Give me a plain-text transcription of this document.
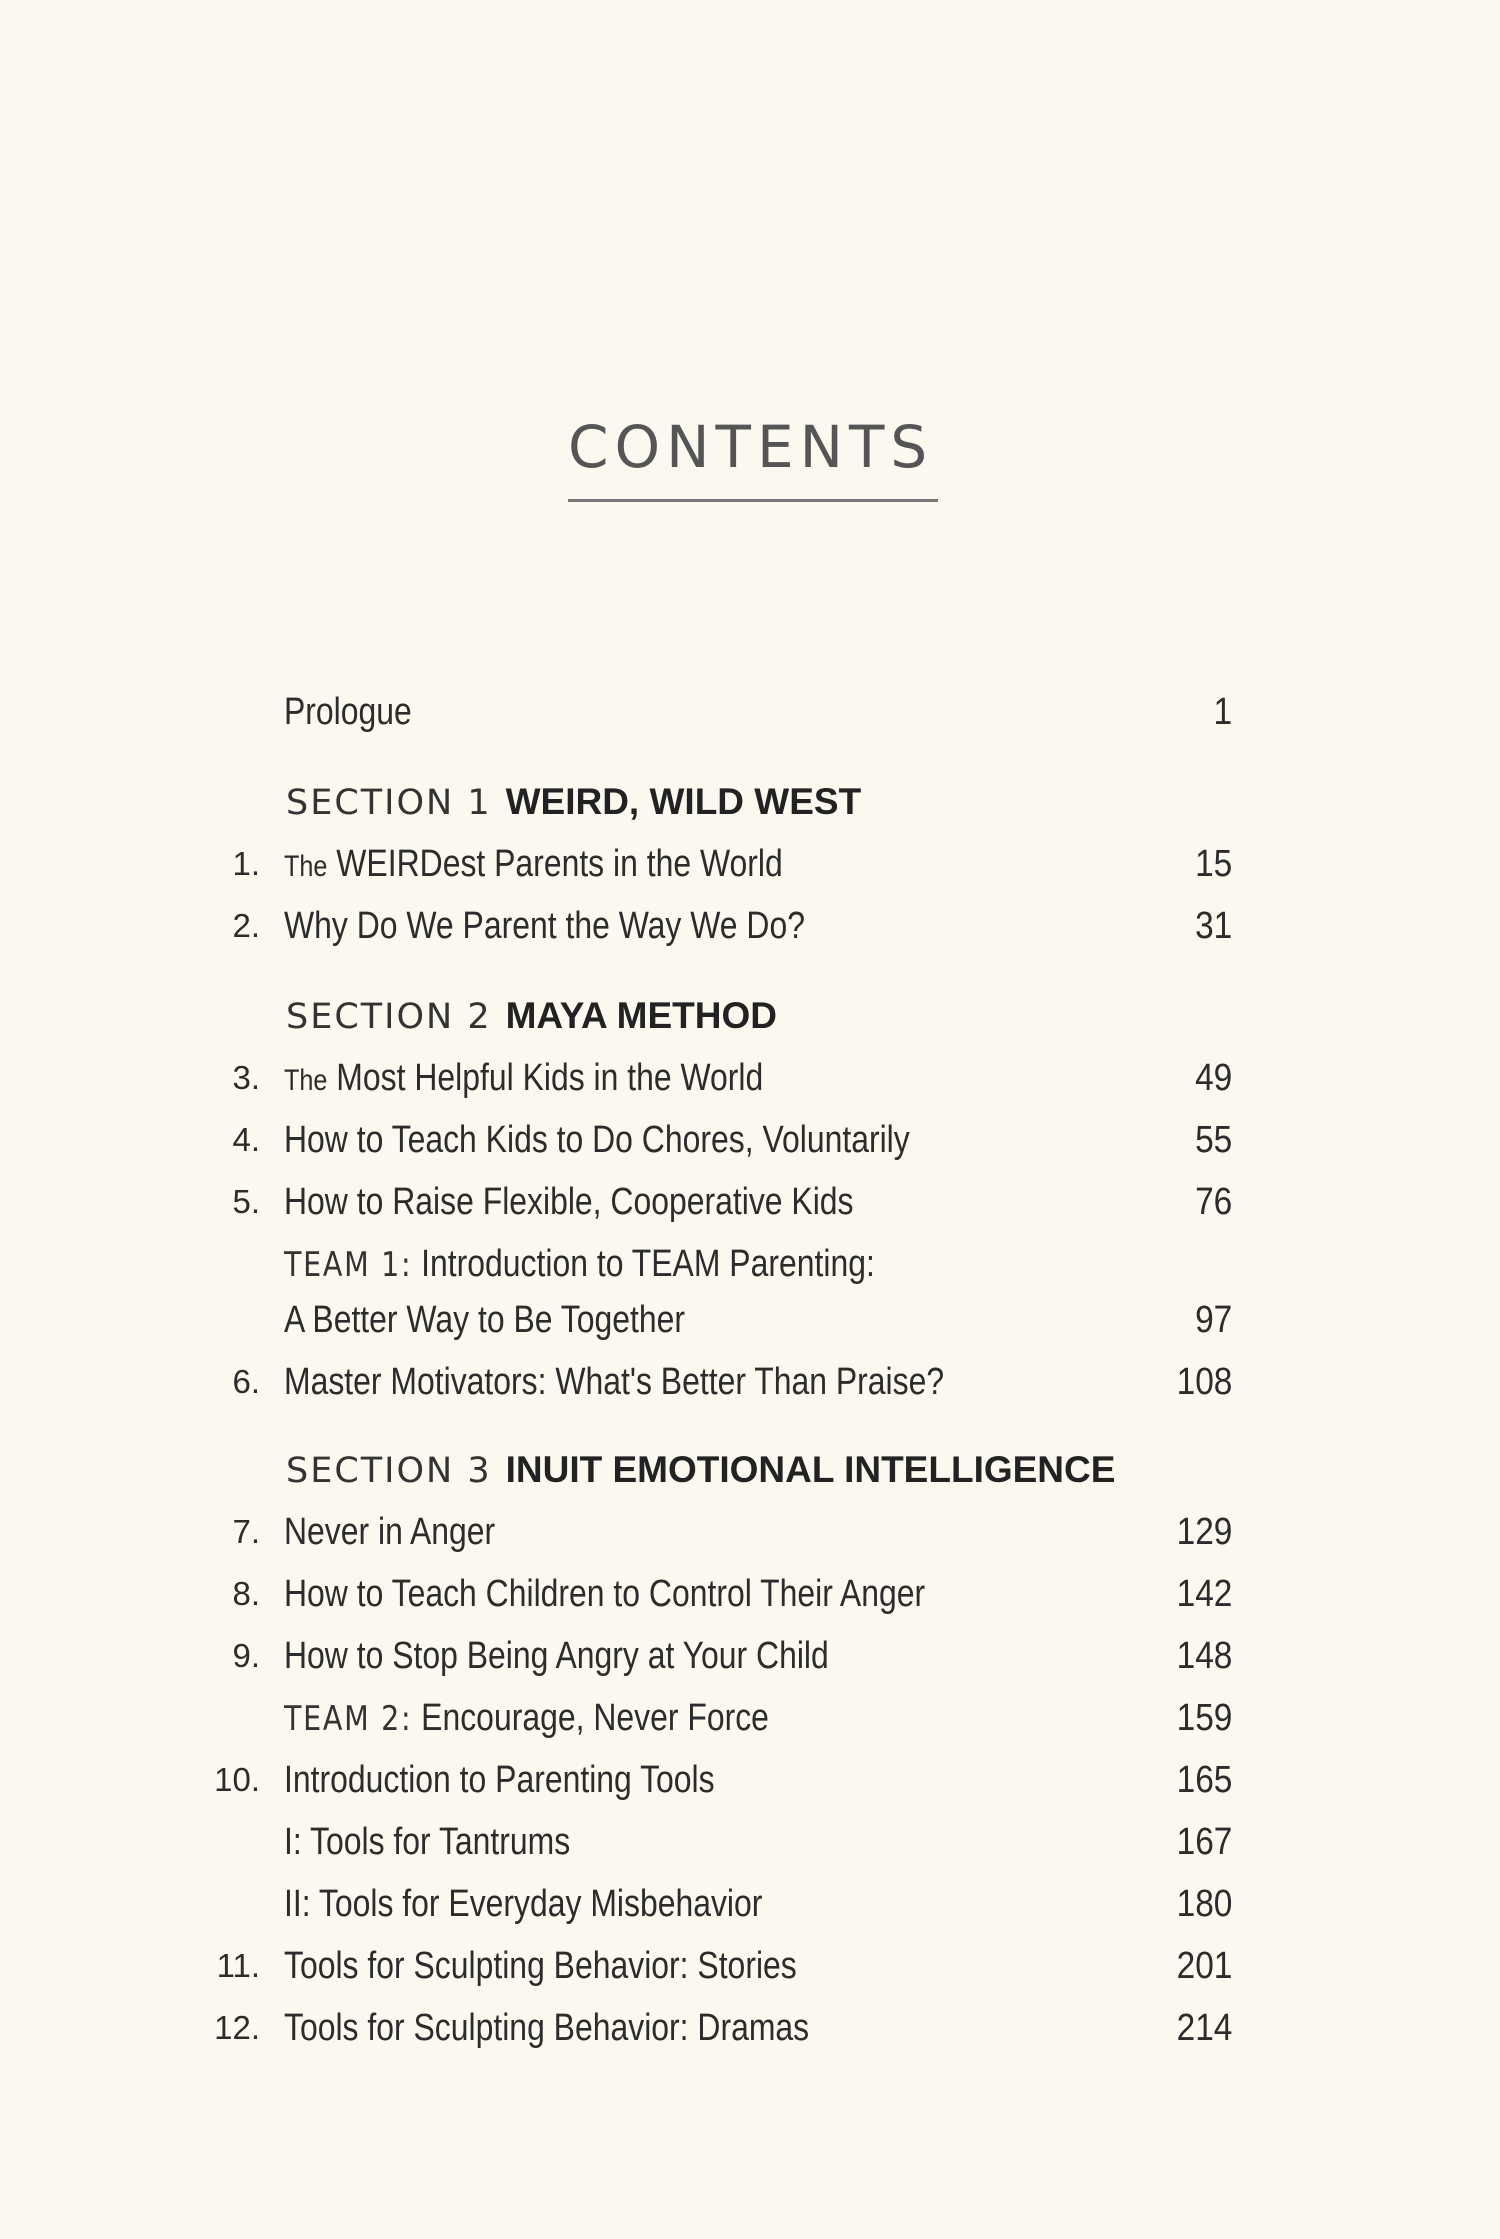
CONTENTS
Prologue	1
SECTION 1 WEIRD, WILD WEST
1. The WEIRDest Parents in the World	15
2. Why Do We Parent the Way We Do?	31
SECTION 2 MAYA METHOD
3. The Most Helpful Kids in the World	49
4. How to Teach Kids to Do Chores, Voluntarily	55
5. How to Raise Flexible, Cooperative Kids	76
TEAM 1: Introduction to TEAM Parenting:
A Better Way to Be Together	97
6. Master Motivators: What's Better Than Praise?	108
SECTION 3 INUIT EMOTIONAL INTELLIGENCE
7. Never in Anger	129
8. How to Teach Children to Control Their Anger	142
9. How to Stop Being Angry at Your Child	148
TEAM 2: Encourage, Never Force	159
10. Introduction to Parenting Tools	165
I: Tools for Tantrums	167
II: Tools for Everyday Misbehavior	180
11. Tools for Sculpting Behavior: Stories	201
12. Tools for Sculpting Behavior: Dramas	214
